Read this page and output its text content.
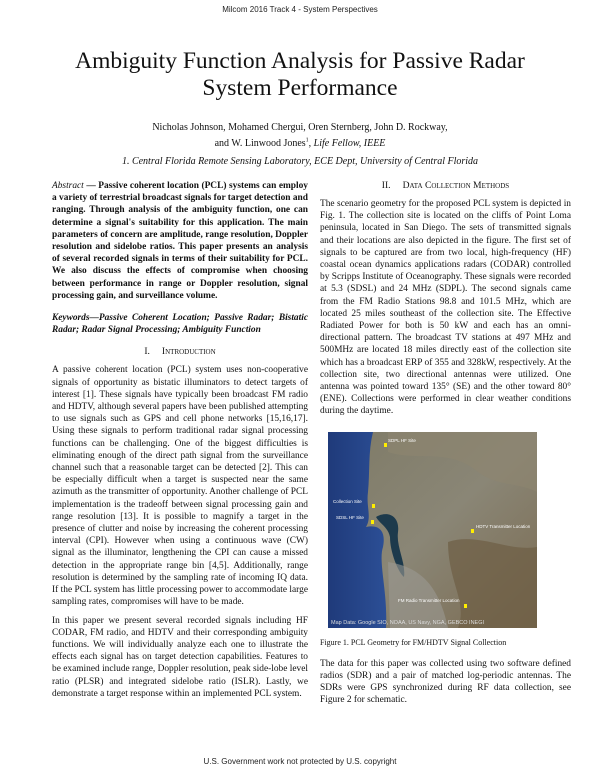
Milcom 2016 Track 4 - System Perspectives
Ambiguity Function Analysis for Passive Radar System Performance
Nicholas Johnson, Mohamed Chergui, Oren Sternberg, John D. Rockway,
and W. Linwood Jones$^1$, Life Fellow, IEEE
1. Central Florida Remote Sensing Laboratory, ECE Dept, University of Central Florida
Abstract — Passive coherent location (PCL) systems can employ a variety of terrestrial broadcast signals for target detection and ranging. Through analysis of the ambiguity function, one can determine a signal's suitability for this application. The main parameters of concern are amplitude, range resolution, Doppler resolution and sidelobe ratios. This paper presents an analysis of several recorded signals in terms of their suitability for PCL. We also discuss the effects of compromise when choosing between performance in range or Doppler resolution, signal processing gain, and surveillance volume.
Keywords—Passive Coherent Location; Passive Radar; Bistatic Radar; Radar Signal Processing; Ambiguity Function
I. Introduction
A passive coherent location (PCL) system uses non-cooperative signals of opportunity as bistatic illuminators to detect targets of interest [1]. These signals have typically been broadcast FM radio and HDTV, although several papers have been published attempting to use signals such as GPS and cell phone networks [15,16,17]. Using these signals to perform traditional radar signal processing functions can be challenging. One of the biggest difficulties is eliminating enough of the direct path signal from the surveillance channel such that a reasonable target can be detected [2]. This can be especially difficult when a target is suspected near the same azimuth as the transmitter of opportunity. Another challenge of PCL implementation is the tradeoff between signal processing gain and range resolution [13]. It is possible to magnify a target in the presence of clutter and noise by increasing the coherent processing interval (CPI). However when using a continuous wave (CW) signal as the illuminator, lengthening the CPI can cause a missed detection in the appropriate range bin [4,5]. Additionally, range resolution is determined by the sampling rate of incoming IQ data. If the PCL system has little processing power to accommodate large sampling rates, compromises will have to be made.
In this paper we present several recorded signals including HF CODAR, FM radio, and HDTV and their corresponding ambiguity functions. We will individually analyze each one to illustrate the effects each signal has on target detection capabilities. Features to be examined include range, Doppler resolution, peak side-lobe level ratio (PLSR) and integrated sidelobe ratio (ISLR). Lastly, we demonstrate a target response within an implemented PCL system.
II. Data Collection Methods
The scenario geometry for the proposed PCL system is depicted in Fig. 1. The collection site is located on the cliffs of Point Loma peninsula, located in San Diego. The sets of transmitted signals and their locations are also depicted in the figure. The first set of signals to be captured are from two local, high-frequency (HF) coastal ocean dynamics applications radars (CODAR) controlled by Scripps Institute of Oceanography. These signals were recorded at 5.3 (SDSL) and 24 MHz (SDPL). The second signals came from the FM Radio Stations 98.8 and 101.5 MHz, which are located 25 miles southeast of the collection site. The Effective Radiated Power for both is 50 kW and each has an omni-directional pattern. The broadcast TV stations at 497 MHz and 500MHz are located 18 miles directly east of the collection site which has a broadcast ERP of 355 and 328kW, respectively. At the collection site, two directional antennas were utilized. One antenna was pointed toward 135° (SE) and the other toward 80° (ENE). Collections were performed in clear weather conditions during the daytime.
SDPL HF Site
Collection Site
SDSL HF Site
HDTV Transmitter Location
FM Radio Transmitter Location
Map Data: Google SIO, NOAA, US Navy, NGA, GEBCO INEGI
Figure 1. PCL Geometry for FM/HDTV Signal Collection
The data for this paper was collected using two software defined radios (SDR) and a pair of matched log-periodic antennas. The SDRs were GPS synchronized during RF data collection, see Figure 2 for schematic.
U.S. Government work not protected by U.S. copyright
